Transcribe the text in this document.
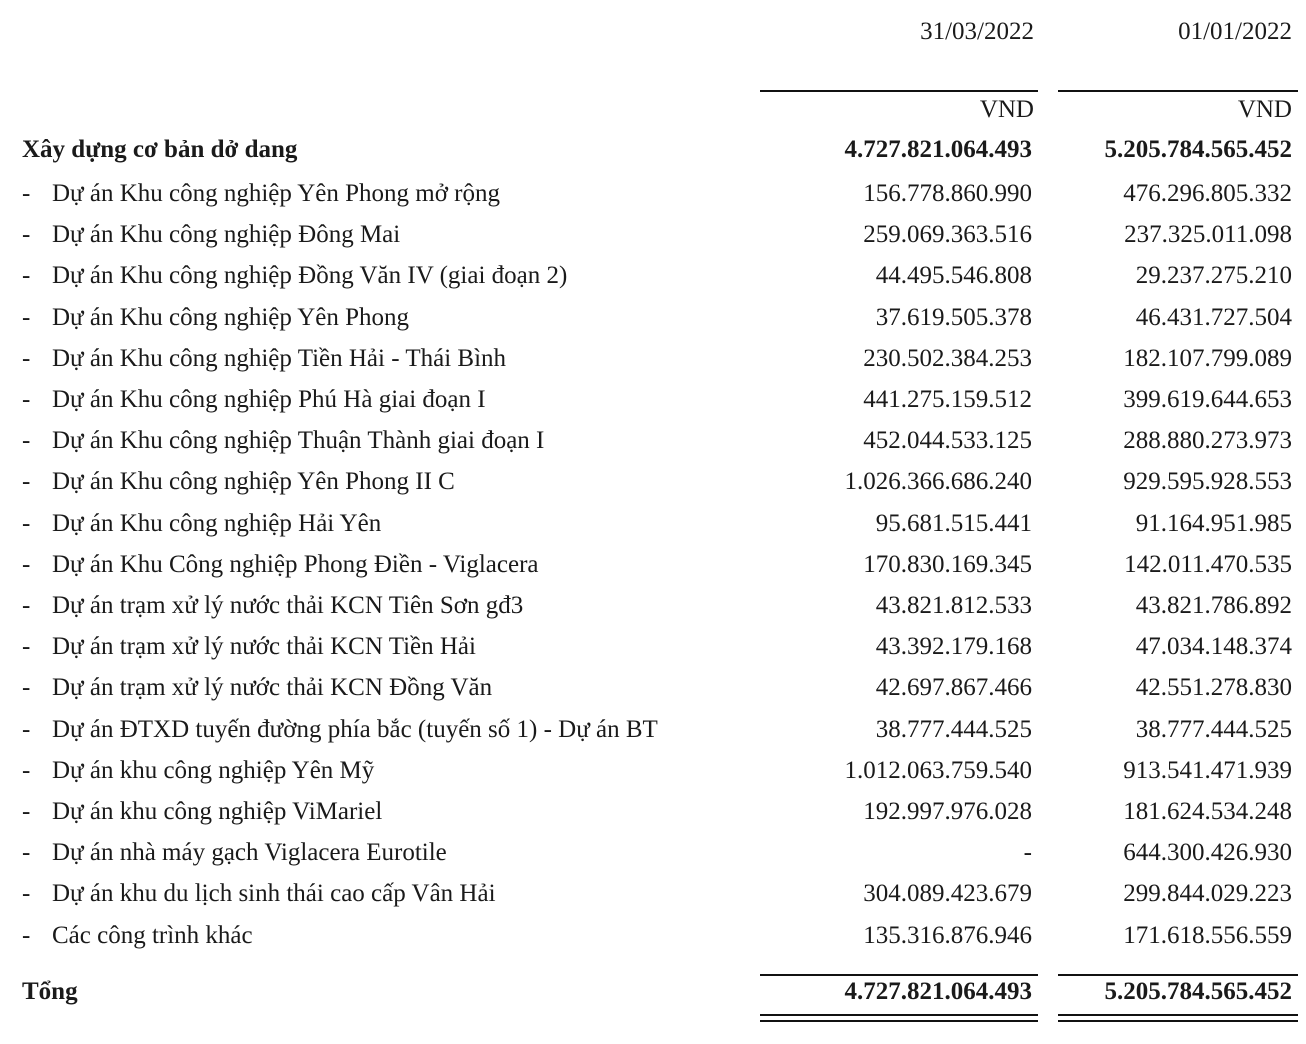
31/03/2022	01/01/2022
VND	VND
Xây dựng cơ bản dở dang	4.727.821.064.493	5.205.784.565.452
- Dự án Khu công nghiệp Yên Phong mở rộng	156.778.860.990	476.296.805.332
- Dự án Khu công nghiệp Đông Mai	259.069.363.516	237.325.011.098
- Dự án Khu công nghiệp Đồng Văn IV (giai đoạn 2)	44.495.546.808	29.237.275.210
- Dự án Khu công nghiệp Yên Phong	37.619.505.378	46.431.727.504
- Dự án Khu công nghiệp Tiền Hải - Thái Bình	230.502.384.253	182.107.799.089
- Dự án Khu công nghiệp Phú Hà giai đoạn I	441.275.159.512	399.619.644.653
- Dự án Khu công nghiệp Thuận Thành giai đoạn I	452.044.533.125	288.880.273.973
- Dự án Khu công nghiệp Yên Phong II C	1.026.366.686.240	929.595.928.553
- Dự án Khu công nghiệp Hải Yên	95.681.515.441	91.164.951.985
- Dự án Khu Công nghiệp Phong Điền - Viglacera	170.830.169.345	142.011.470.535
- Dự án trạm xử lý nước thải KCN Tiên Sơn gđ3	43.821.812.533	43.821.786.892
- Dự án trạm xử lý nước thải KCN Tiền Hải	43.392.179.168	47.034.148.374
- Dự án trạm xử lý nước thải KCN Đồng Văn	42.697.867.466	42.551.278.830
- Dự án ĐTXD tuyến đường phía bắc (tuyến số 1) - Dự án BT	38.777.444.525	38.777.444.525
- Dự án khu công nghiệp Yên Mỹ	1.012.063.759.540	913.541.471.939
- Dự án khu công nghiệp ViMariel	192.997.976.028	181.624.534.248
- Dự án nhà máy gạch Viglacera Eurotile	-	644.300.426.930
- Dự án khu du lịch sinh thái cao cấp Vân Hải	304.089.423.679	299.844.029.223
- Các công trình khác	135.316.876.946	171.618.556.559
Tổng	4.727.821.064.493	5.205.784.565.452
